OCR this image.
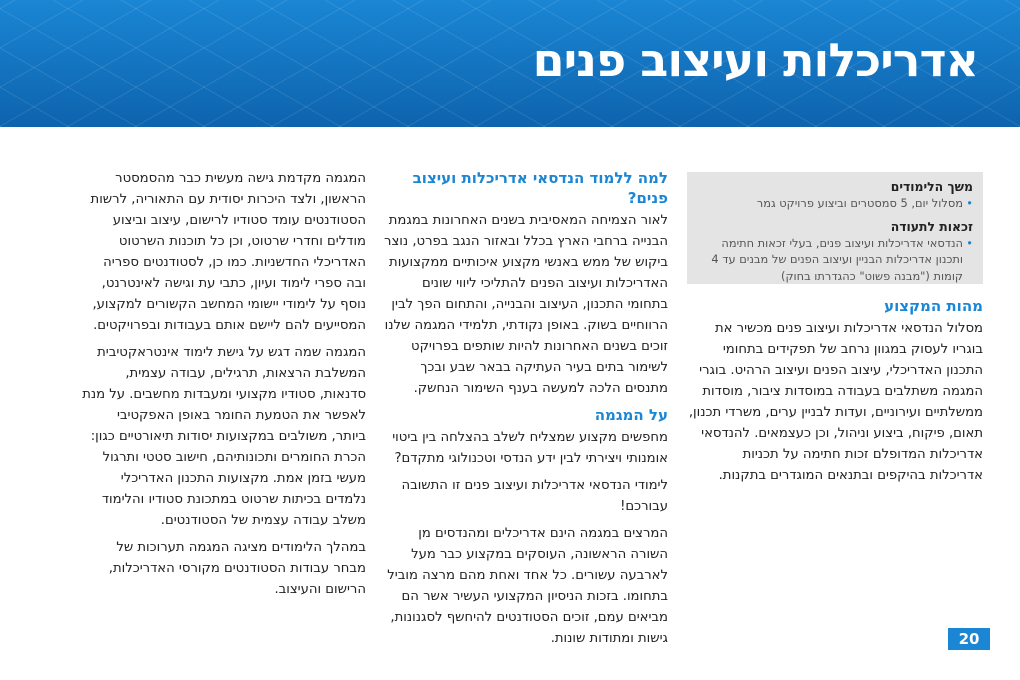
אדריכלות ועיצוב פנים
משך הלימודים
• מסלול יום, 5 סמסטרים וביצוע פרויקט גמר
זכאות לתעודה
• הנדסאי אדריכלות ועיצוב פנים, בעלי זכאות חתימה ותכנון אדריכלות הבניין ועיצוב הפנים של מבנים עד 4 קומות ("מבנה פשוט" כהגדרתו בחוק)
מהות המקצוע

מסלול הנדסאי אדריכלות ועיצוב פנים מכשיר את בוגריו לעסוק במגוון נרחב של תפקידים בתחומי התכנון האדריכלי, עיצוב הפנים ועיצוב הרהיט. בוגרי המגמה משתלבים בעבודה במוסדות ציבור, מוסדות ממשלתיים ועירוניים, ועדות לבניין ערים, משרדי תכנון, תאום, פיקוח, ביצוע וניהול, וכן כעצמאים. להנדסאי אדריכלות המדופלם זכות חתימה על תכניות אדריכלות בהיקפים ובתנאים המוגדרים בתקנות.

למה ללמוד הנדסאי אדריכלות ועיצוב פנים?

לאור הצמיחה המאסיבית בשנים האחרונות במגמת הבנייה ברחבי הארץ בכלל ובאזור הנגב בפרט, נוצר ביקוש של ממש באנשי מקצוע איכותיים ממקצועות האדריכלות ועיצוב הפנים להתליכי ליווי שונים בתחומי התכנון, העיצוב והבנייה, והתחום הפך לבין הרווחיים בשוק. באופן נקודתי, תלמידי המגמה שלנו זוכים בשנים האחרונות להיות שותפים בפרויקט לשימור בתים בעיר העתיקה בבאר שבע ובכך מתנסים הלכה למעשה בענף השימור הנחשק.

על המגמה

מחפשים מקצוע שמצליח לשלב בהצלחה בין ביטוי אומנותי ויצירתי לבין ידע הנדסי וטכנולוגי מתקדם?

לימודי הנדסאי אדריכלות ועיצוב פנים זו התשובה עבורכם!

המרצים במגמה הינם אדריכלים ומהנדסים מן השורה הראשונה, העוסקים במקצוע כבר מעל לארבעה עשורים. כל אחד ואחת מהם מרצה מוביל בתחומו. בזכות הניסיון המקצועי העשיר אשר הם מביאים עמם, זוכים הסטודנטים להיחשף לסגנונות, גישות ומתודות שונות.

המגמה מקדמת גישה מעשית כבר מהסמסטר הראשון, ולצד היכרות יסודית עם התאוריה, לרשות הסטודנטים עומד סטודיו לרישום, עיצוב וביצוע מודלים וחדרי שרטוט, וכן כל תוכנות השרטוט האדריכלי החדשניות. כמו כן, לסטודנטים ספריה ובה ספרי לימוד ועיון, כתבי עת וגישה לאינטרנט, נוסף על לימודי יישומי המחשב הקשורים למקצוע, המסייעים להם ליישם אותם בעבודות ובפרויקטים.

המגמה שמה דגש על גישת לימוד אינטראקטיבית המשלבת הרצאות, תרגילים, עבודה עצמית, סדנאות, סטודיו מקצועי ומעבדות מחשבים. על מנת לאפשר את הטמעת החומר באופן האפקטיבי ביותר, משולבים במקצועות יסודות תיאורטיים כגון: הכרת החומרים ותכונותיהם, חישוב סטטי ותרגול מעשי בזמן אמת. מקצועות התכנון האדריכלי נלמדים בכיתות שרטוט במתכונת סטודיו והלימוד משלב עבודה עצמית של הסטודנטים.

במהלך הלימודים מציגה המגמה תערוכות של מבחר עבודות הסטודנטים מקורסי האדריכלות, הרישום והעיצוב.

20
